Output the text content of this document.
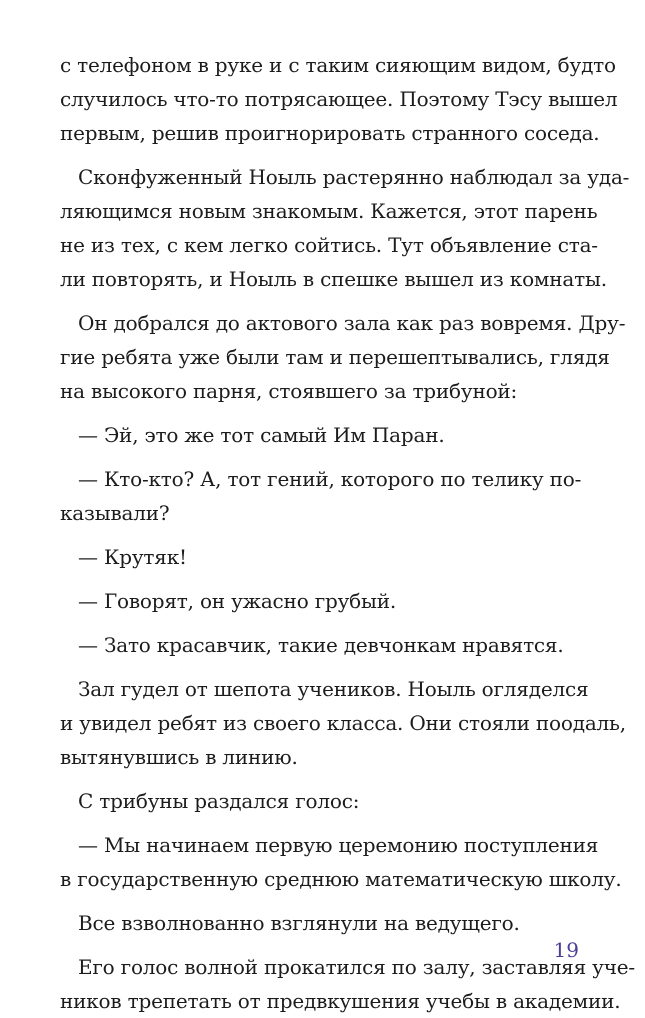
с телефоном в руке и с таким сияющим видом, будто
случилось что-то потрясающее. Поэтому Тэсу вышел
первым, решив проигнорировать странного соседа.
Сконфуженный Ноыль растерянно наблюдал за уда-
ляющимся новым знакомым. Кажется, этот парень
не из тех, с кем легко сойтись. Тут объявление ста-
ли повторять, и Ноыль в спешке вышел из комнаты.
Он добрался до актового зала как раз вовремя. Дру-
гие ребята уже были там и перешептывались, глядя
на высокого парня, стоявшего за трибуной:
— Эй, это же тот самый Им Паран.
— Кто-кто? А, тот гений, которого по телику по-
казывали?
— Крутяк!
— Говорят, он ужасно грубый.
— Зато красавчик, такие девчонкам нравятся.
Зал гудел от шепота учеников. Ноыль огляделся
и увидел ребят из своего класса. Они стояли поодаль,
вытянувшись в линию.
С трибуны раздался голос:
— Мы начинаем первую церемонию поступления
в государственную среднюю математическую школу.
Все взволнованно взглянули на ведущего.
Его голос волной прокатился по залу, заставляя уче-
ников трепетать от предвкушения учебы в академии.
19
